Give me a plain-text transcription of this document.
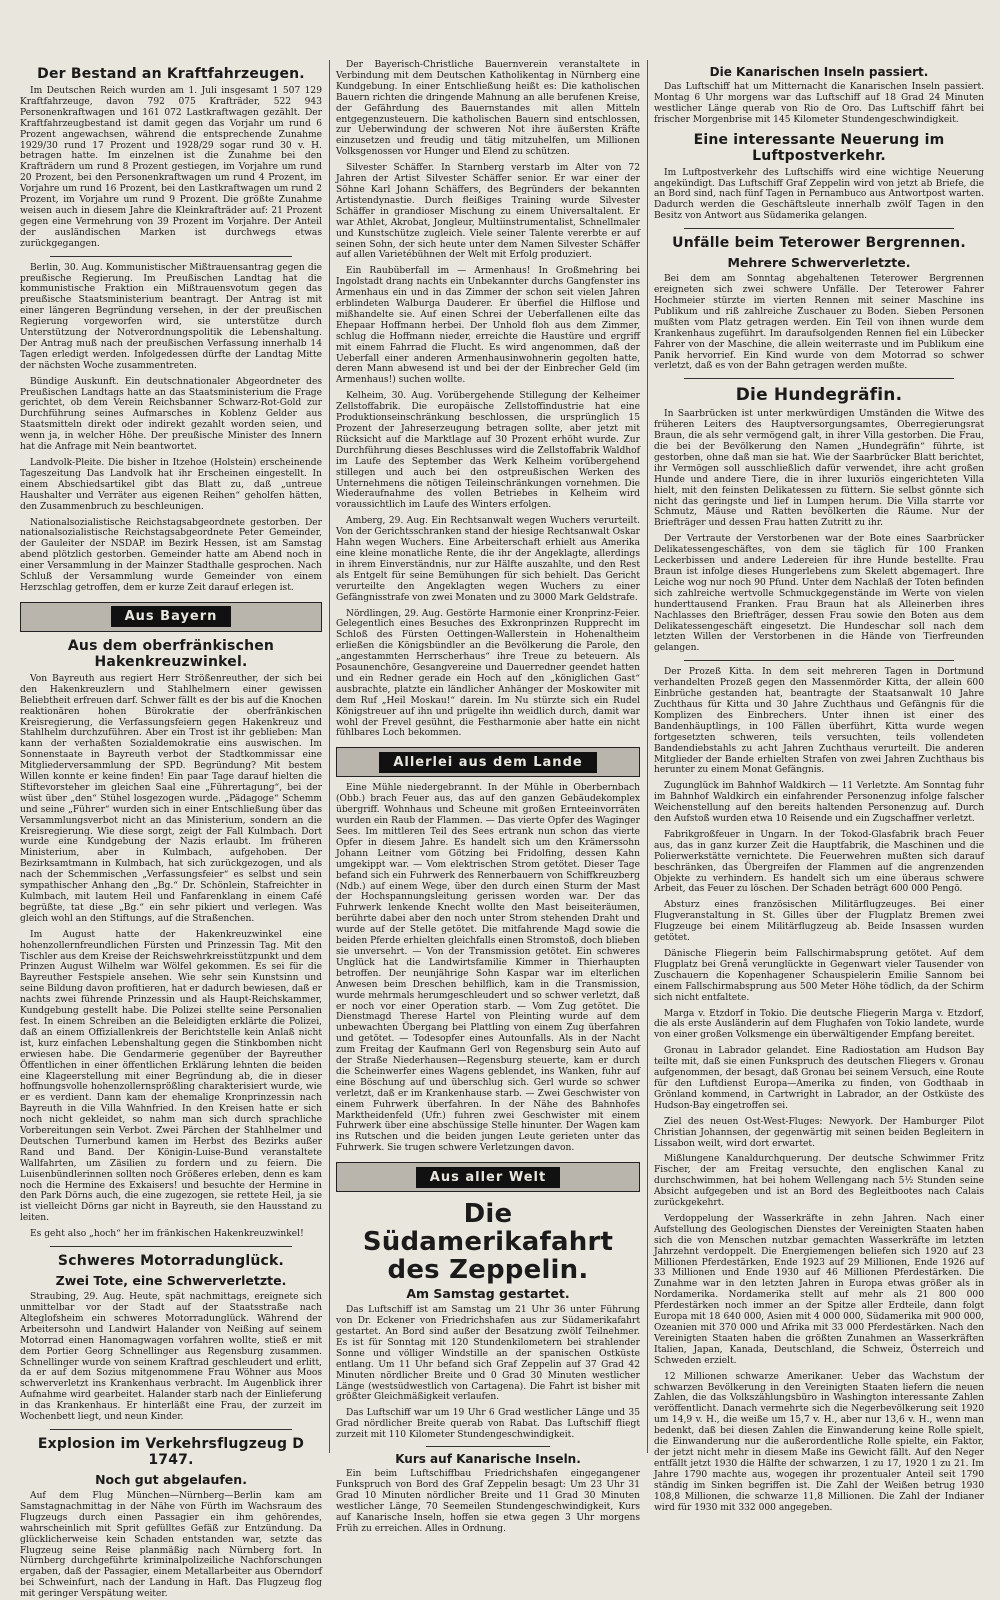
Der Bestand an Kraftfahrzeugen.

Im Deutschen Reich wurden am 1. Juli insgesamt 1 507 129 Kraftfahrzeuge, davon 792 075 Krafträder, 522 943 Personenkraftwagen und 161 072 Lastkraftwagen gezählt. Der Kraftfahrzeugbestand ist damit gegen das Vorjahr um rund 6 Prozent angewachsen, während die entsprechende Zunahme 1929/30 rund 17 Prozent und 1928/29 sogar rund 30 v. H. betragen hatte. Im einzelnen ist die Zunahme bei den Krafträdern um rund 8 Prozent gestiegen, im Vorjahre um rund 20 Prozent, bei den Personenkraftwagen um rund 4 Prozent, im Vorjahre um rund 16 Prozent, bei den Lastkraftwagen um rund 2 Prozent, im Vorjahre um rund 9 Prozent. Die größte Zunahme weisen auch in diesem Jahre die Kleinkrafträder auf: 21 Prozent gegen eine Vermehrung von 39 Prozent im Vorjahre. Der Anteil der ausländischen Marken ist durchwegs etwas zurückgegangen.

Berlin, 30. Aug. Kommunistischer Mißtrauensantrag gegen die preußische Regierung. Im Preußischen Landtag hat die kommunistische Fraktion ein Mißtrauensvotum gegen das preußische Staatsministerium beantragt. Der Antrag ist mit einer längeren Begründung versehen, in der der preußischen Regierung vorgeworfen wird, sie unterstütze durch Unterstützung der Notverordnungspolitik die Lebenshaltung. Der Antrag muß nach der preußischen Verfassung innerhalb 14 Tagen erledigt werden. Infolgedessen dürfte der Landtag Mitte der nächsten Woche zusammentreten.

Bündige Auskunft. Ein deutschnationaler Abgeordneter des Preußischen Landtags hatte an das Staatsministerium die Frage gerichtet, ob dem Verein Reichsbanner Schwarz-Rot-Gold zur Durchführung seines Aufmarsches in Koblenz Gelder aus Staatsmitteln direkt oder indirekt gezahlt worden seien, und wenn ja, in welcher Höhe. Der preußische Minister des Innern hat die Anfrage mit Nein beantwortet.

Landvolk-Pleite. Die bisher in Itzehoe (Holstein) erscheinende Tageszeitung Das Landvolk hat ihr Erscheinen eingestellt. In einem Abschiedsartikel gibt das Blatt zu, daß „untreue Haushalter und Verräter aus eigenen Reihen“ geholfen hätten, den Zusammenbruch zu beschleunigen.

Nationalsozialistische Reichstagsabgeordnete gestorben. Der nationalsozialistische Reichstagsabgeordnete Peter Gemeinder, der Gauleiter der NSDAP. im Bezirk Hessen, ist am Samstag abend plötzlich gestorben. Gemeinder hatte am Abend noch in einer Versammlung in der Mainzer Stadthalle gesprochen. Nach Schluß der Versammlung wurde Gemeinder von einem Herzschlag getroffen, dem er kurze Zeit darauf erlegen ist.

Aus Bayern
Aus dem oberfränkischen Hakenkreuzwinkel.

Von Bayreuth aus regiert Herr Strößenreuther, der sich bei den Hakenkreuzlern und Stahlhelmern einer gewissen Beliebtheit erfreuen darf. Schwer fällt es der bis auf die Knochen reaktionären hohen Bürokratie der oberfränkischen Kreisregierung, die Verfassungsfeiern gegen Hakenkreuz und Stahlhelm durchzuführen. Aber ein Trost ist ihr geblieben: Man kann der verhaßten Sozialdemokratie eins auswischen. Im Sonnenstaate in Bayreuth verbot der Stadtkommissar eine Mitgliederversammlung der SPD. Begründung? Mit bestem Willen konnte er keine finden! Ein paar Tage darauf hielten die Stiftevorsteher im gleichen Saal eine „Führertagung“, bei der wüst über „den“ Stühel losgezogen wurde. „Pädagoge“ Schemm und seine „Führer“ wurden sich in einer Entschließung über das Versammlungsverbot nicht an das Ministerium, sondern an die Kreisregierung. Wie diese sorgt, zeigt der Fall Kulmbach. Dort wurde eine Kundgebung der Nazis erlaubt. Im früheren Ministerium, aber in Kulmbach, aufgehoben. Der Bezirksamtmann in Kulmbach, hat sich zurückgezogen, und als nach der Schemmischen „Verfassungsfeier“ es selbst und sein sympathischer Anhang den „Bg.“ Dr. Schönlein, Stafreichter in Kulmbach, mit lautem Heil und Fanfarenklang in einem Café begrüßte, tat diese „Bg.“ ein sehr pikiert und verlegen. Was gleich wohl an den Stiftungs, auf die Straßenchen.

Im August hatte der Hakenkreuzwinkel eine hohenzollernfreundlichen Fürsten und Prinzessin Tag. Mit den Tischler aus dem Kreise der Reichswehrkreisstützpunkt und dem Prinzen August Wilhelm war Wölfel gekommen. Es sei für die Bayreuther Festspiele ansehen. Wie sehr sein Kunstsinn und seine Bildung davon profitieren, hat er dadurch bewiesen, daß er nachts zwei führende Prinzessin und als Haupt-Reichskammer, Kundgebung gestellt habe. Die Polizei stellte seine Personalien fest. In einem Schreiben an die Beleidigten erklärte die Polizei, daß an einem Offiziallenkreis der Berichtstelle kein Anlaß nicht ist, kurz einfachen Lebenshaltung gegen die Stinkbomben nicht erwiesen habe. Die Gendarmerie gegenüber der Bayreuther Öffentlichen in einer öffentlichen Erklärung lehnten die beiden eine Klageerstellung mit einer Begründung ab, die in dieser hoffnungsvolle hohenzollernsprößling charakterisiert wurde, wie er es verdient. Dann kam der ehemalige Kronprinzessin nach Bayreuth in die Villa Wahnfried. In den Kreisen hatte er sich noch nicht gekleidet, so nahm man sich durch sprachliche Vorbereitungen sein Verbot. Zwei Pärchen der Stahlhelmer und Deutschen Turnerbund kamen im Herbst des Bezirks außer Rand und Band. Der Königin-Luise-Bund veranstaltete Wallfahrten, um Zäsilien zu fordern und zu feiern. Die Luisenbündlerinnen sollten noch Größeres erleben, denn es kam noch die Hermine des Exkaisers! und besuchte der Hermine in den Park Dörns auch, die eine zugezogen, sie rettete Heil, ja sie ist vielleicht Dörns gar nicht in Bayreuth, sie den Hausstand zu leiten.

Es geht also „hoch“ her im fränkischen Hakenkreuzwinkel!

Schweres Motorradunglück.
Zwei Tote, eine Schwerverletzte.

Straubing, 29. Aug. Heute, spät nachmittags, ereignete sich unmittelbar vor der Stadt auf der Staatsstraße nach Alteglofsheim ein schweres Motorradunglück. Während der Arbeitersohn und Landwirt Halander von Neißing auf seinem Motorrad einen Hanomagwagen vorfahren wollte, stieß er mit dem Portier Georg Schnellinger aus Regensburg zusammen. Schnellinger wurde von seinem Kraftrad geschleudert und erlitt, da er auf dem Sozius mitgenommene Frau Wöhner aus Moos schwerverletzt ins Krankenhaus verbracht. Im Augenblick ihrer Aufnahme wird gearbeitet. Halander starb nach der Einlieferung in das Krankenhaus. Er hinterläßt eine Frau, der zurzeit im Wochenbett liegt, und neun Kinder.

Explosion im Verkehrsflugzeug D 1747.
Noch gut abgelaufen.

Auf dem Flug München—Nürnberg—Berlin kam am Samstagnachmittag in der Nähe von Fürth im Wachsraum des Flugzeugs durch einen Passagier ein ihm gehörendes, wahrscheinlich mit Sprit gefülltes Gefäß zur Entzündung. Da glücklicherweise kein Schaden entstanden war, setzte das Flugzeug seine Reise planmäßig nach Nürnberg fort. In Nürnberg durchgeführte kriminalpolizeiliche Nachforschungen ergaben, daß der Passagier, einem Metallarbeiter aus Oberndorf bei Schweinfurt, nach der Landung in Haft. Das Flugzeug flog mit geringer Verspätung weiter.

Der Bayerisch-Christliche Bauernverein veranstaltete in Verbindung mit dem Deutschen Katholikentag in Nürnberg eine Kundgebung. In einer Entschließung heißt es: Die katholischen Bauern richten die dringende Mahnung an alle berufenen Kreise, der Gefährdung des Bauernstandes mit allen Mitteln entgegenzusteuern. Die katholischen Bauern sind entschlossen, zur Ueberwindung der schweren Not ihre äußersten Kräfte einzusetzen und freudig und tätig mitzuhelfen, um Millionen Volksgenossen vor Hunger und Elend zu schützen.

Silvester Schäffer. In Starnberg verstarb im Alter von 72 Jahren der Artist Silvester Schäffer senior. Er war einer der Söhne Karl Johann Schäffers, des Begründers der bekannten Artistendynastie. Durch fleißiges Training wurde Silvester Schäffer in grandioser Mischung zu einem Universaltalent. Er war Athlet, Akrobat, Jongleur, Multiinstrumentalist, Schnellmaler und Kunstschütze zugleich. Viele seiner Talente vererbte er auf seinen Sohn, der sich heute unter dem Namen Silvester Schäffer auf allen Varietébühnen der Welt mit Erfolg produziert.

Ein Raubüberfall im — Armenhaus! In Großmehring bei Ingolstadt drang nachts ein Unbekannter durchs Gangfenster ins Armenhaus ein und in das Zimmer der schon seit vielen Jahren erblindeten Walburga Dauderer. Er überfiel die Hilflose und mißhandelte sie. Auf einen Schrei der Ueberfallenen eilte das Ehepaar Hoffmann herbei. Der Unhold floh aus dem Zimmer, schlug die Hoffmann nieder, erreichte die Haustüre und ergriff mit einem Fahrrad die Flucht. Es wird angenommen, daß der Ueberfall einer anderen Armenhausinwohnerin gegolten hatte, deren Mann abwesend ist und bei der der Einbrecher Geld (im Armenhaus!) suchen wollte.

Kelheim, 30. Aug. Vorübergehende Stillegung der Kelheimer Zellstoffabrik. Die europäische Zellstoffindustrie hat eine Produktionseinschränkung beschlossen, die ursprünglich 15 Prozent der Jahreserzeugung betragen sollte, aber jetzt mit Rücksicht auf die Marktlage auf 30 Prozent erhöht wurde. Zur Durchführung dieses Beschlusses wird die Zellstoffabrik Waldhof im Laufe des September das Werk Kelheim vorübergehend stillegen und auch bei den ostpreußischen Werken des Unternehmens die nötigen Teileinschränkungen vornehmen. Die Wiederaufnahme des vollen Betriebes in Kelheim wird voraussichtlich im Laufe des Winters erfolgen.

Amberg, 29. Aug. Ein Rechtsanwalt wegen Wuchers verurteilt. Von der Gerichtsschranken stand der hiesige Rechtsanwalt Oskar Hahn wegen Wuchers. Eine Arbeiterschaft erhielt aus Amerika eine kleine monatliche Rente, die ihr der Angeklagte, allerdings in ihrem Einverständnis, nur zur Hälfte auszahlte, und den Rest als Entgelt für seine Bemühungen für sich behielt. Das Gericht verurteilte den Angeklagten wegen Wuchers zu einer Gefängnisstrafe von zwei Monaten und zu 3000 Mark Geldstrafe.

Nördlingen, 29. Aug. Gestörte Harmonie einer Kronprinz-Feier. Gelegentlich eines Besuches des Exkronprinzen Rupprecht im Schloß des Fürsten Oettingen-Wallerstein in Hohenaltheim erließen die Königsbündler an die Bevölkerung die Parole, den „angestammten Herrscherhaus“ ihre Treue zu beteuern. Als Posaunenchöre, Gesangvereine und Dauerredner geendet hatten und ein Redner gerade ein Hoch auf den „königlichen Gast“ ausbrachte, platzte ein ländlicher Anhänger der Moskowiter mit dem Ruf „Heil Moskau!“ darein. Im Nu stürzte sich ein Rudel Königstreuer auf ihn und prügelte ihn weidlich durch, damit war wohl der Frevel gesühnt, die Festharmonie aber hatte ein nicht fühlbares Loch bekommen.

Allerlei aus dem Lande

Eine Mühle niedergebrannt. In der Mühle in Oberbernbach (Obb.) brach Feuer aus, das auf den ganzen Gebäudekomplex übergriff. Wohnhaus und Scheune mit großen Ernteeinvorräten wurden ein Raub der Flammen. — Das vierte Opfer des Waginger Sees. Im mittleren Teil des Sees ertrank nun schon das vierte Opfer in diesem Jahre. Es handelt sich um den Krämerssohn Johann Leitner vom Götzing bei Fridolfing, dessen Kahn umgekippt war. — Vom elektrischen Strom getötet. Dieser Tage befand sich ein Fuhrwerk des Rennerbauern von Schiffkreuzberg (Ndb.) auf einem Wege, über den durch einen Sturm der Mast der Hochspannungsleitung gerissen worden war. Der das Fuhrwerk lenkende Knecht wollte den Mast beiseiteräumen, berührte dabei aber den noch unter Strom stehenden Draht und wurde auf der Stelle getötet. Die mitfahrende Magd sowie die beiden Pferde erhielten gleichfalls einen Stromstoß, doch blieben sie unversehrt. — Von der Transmission getötet. Ein schweres Unglück hat die Landwirtsfamilie Kimmer in Thierhaupten betroffen. Der neunjährige Sohn Kaspar war im elterlichen Anwesen beim Dreschen behilflich, kam in die Transmission, wurde mehrmals herumgeschleudert und so schwer verletzt, daß er noch vor einer Operation starb. — Vom Zug getötet. Die Dienstmagd Therese Hartel von Pleinting wurde auf dem unbewachten Übergang bei Plattling von einem Zug überfahren und getötet. — Todesopfer eines Autounfalls. Als in der Nacht zum Freitag der Kaufmann Gerl von Regensburg sein Auto auf der Straße Niederhausen—Regensburg steuerte, kam er durch die Scheinwerfer eines Wagens geblendet, ins Wanken, fuhr auf eine Böschung auf und überschlug sich. Gerl wurde so schwer verletzt, daß er im Krankenhause starb. — Zwei Geschwister von einem Fuhrwerk überfahren. In der Nähe des Bahnhofes Marktheidenfeld (Ufr.) fuhren zwei Geschwister mit einem Fuhrwerk über eine abschüssige Stelle hinunter. Der Wagen kam ins Rutschen und die beiden jungen Leute gerieten unter das Fuhrwerk. Sie trugen schwere Verletzungen davon.

Aus aller Welt
Die Südamerikafahrt des Zeppelin.
Am Samstag gestartet.

Das Luftschiff ist am Samstag um 21 Uhr 36 unter Führung von Dr. Eckener von Friedrichshafen aus zur Südamerikafahrt gestartet. An Bord sind außer der Besatzung zwölf Teilnehmer. Es ist für Sonntag mit 120 Stundenkilometern bei strahlender Sonne und völliger Windstille an der spanischen Ostküste entlang. Um 11 Uhr befand sich Graf Zeppelin auf 37 Grad 42 Minuten nördlicher Breite und 0 Grad 30 Minuten westlicher Länge (westsüdwestlich von Cartagena). Die Fahrt ist bisher mit größter Gleichmäßigkeit verlaufen.

Das Luftschiff war um 19 Uhr 6 Grad westlicher Länge und 35 Grad nördlicher Breite querab von Rabat. Das Luftschiff fliegt zurzeit mit 110 Kilometer Stundengeschwindigkeit.

Kurs auf Kanarische Inseln.

Ein beim Luftschiffbau Friedrichshafen eingegangener Funkspruch von Bord des Graf Zeppelin besagt: Um 23 Uhr 31 Grad 10 Minuten nördlicher Breite und 11 Grad 30 Minuten westlicher Länge, 70 Seemeilen Stundengeschwindigkeit, Kurs auf Kanarische Inseln, hoffen sie etwa gegen 3 Uhr morgens Früh zu erreichen. Alles in Ordnung.

Die Kanarischen Inseln passiert.

Das Luftschiff hat um Mitternacht die Kanarischen Inseln passiert. Montag 6 Uhr morgens war das Luftschiff auf 18 Grad 24 Minuten westlicher Länge querab von Rio de Oro. Das Luftschiff fährt bei frischer Morgenbrise mit 145 Kilometer Stundengeschwindigkeit.

Eine interessante Neuerung im Luftpostverkehr.

Im Luftpostverkehr des Luftschiffs wird eine wichtige Neuerung angekündigt. Das Luftschiff Graf Zeppelin wird von jetzt ab Briefe, die an Bord sind, nach fünf Tagen in Pernambuco aus Antwortpost warten. Dadurch werden die Geschäftsleute innerhalb zwölf Tagen in den Besitz von Antwort aus Südamerika gelangen.

Unfälle beim Teterower Bergrennen.
Mehrere Schwerverletzte.

Bei dem am Sonntag abgehaltenen Teterower Bergrennen ereigneten sich zwei schwere Unfälle. Der Teterower Fahrer Hochmeier stürzte im vierten Rennen mit seiner Maschine ins Publikum und riß zahlreiche Zuschauer zu Boden. Sieben Personen mußten vom Platz getragen werden. Ein Teil von ihnen wurde dem Krankenhaus zugeführt. Im daraufsolgenden Rennen fiel ein Lübecker Fahrer von der Maschine, die allein weiterraste und im Publikum eine Panik hervorrief. Ein Kind wurde von dem Motorrad so schwer verletzt, daß es von der Bahn getragen werden mußte.

Die Hundegräfin.

In Saarbrücken ist unter merkwürdigen Umständen die Witwe des früheren Leiters des Hauptversorgungsamtes, Oberregierungsrat Braun, die als sehr vermögend galt, in ihrer Villa gestorben. Die Frau, die bei der Bevölkerung den Namen „Hundegräfin“ führte, ist gestorben, ohne daß man sie hat. Wie der Saarbrücker Blatt berichtet, ihr Vermögen soll ausschließlich dafür verwendet, ihre acht großen Hunde und andere Tiere, die in ihrer luxuriös eingerichteten Villa hielt, mit den feinsten Delikatessen zu füttern. Sie selbst gönnte sich nicht das geringste und lief in Lumpen herum. Die Villa starrte vor Schmutz, Mäuse und Ratten bevölkerten die Räume. Nur der Briefträger und dessen Frau hatten Zutritt zu ihr.

Der Vertraute der Verstorbenen war der Bote eines Saarbrücker Delikatessengeschäftes, von dem sie täglich für 100 Franken Leckerbissen und andere Ledereien für ihre Hunde bestellte. Frau Braun ist infolge dieses Hungerlebens zum Skelett abgemagert. Ihre Leiche wog nur noch 90 Pfund. Unter dem Nachlaß der Toten befinden sich zahlreiche wertvolle Schmuckgegenstände im Werte von vielen hunderttausend Franken. Frau Braun hat als Alleinerben ihres Nachlasses den Briefträger, dessen Frau sowie den Boten aus dem Delikatessengeschäft eingesetzt. Die Hundeschar soll nach dem letzten Willen der Verstorbenen in die Hände von Tierfreunden gelangen.

Der Prozeß Kitta. In dem seit mehreren Tagen in Dortmund verhandelten Prozeß gegen den Massenmörder Kitta, der allein 600 Einbrüche gestanden hat, beantragte der Staatsanwalt 10 Jahre Zuchthaus für Kitta und 30 Jahre Zuchthaus und Gefängnis für die Komplizen des Einbrechers. Unter ihnen ist einer des Bandenhäuptlings, in 100 Fällen überführt, Kitta wurde wegen fortgesetzten schweren, teils versuchten, teils vollendeten Bandendiebstahls zu acht Jahren Zuchthaus verurteilt. Die anderen Mitglieder der Bande erhielten Strafen von zwei Jahren Zuchthaus bis herunter zu einem Monat Gefängnis.

Zugunglück im Bahnhof Waldkirch — 11 Verletzte. Am Sonntag fuhr im Bahnhof Waldkirch ein einfahrender Personenzug infolge falscher Weichenstellung auf den bereits haltenden Personenzug auf. Durch den Aufstoß wurden etwa 10 Reisende und ein Zugschaffner verletzt.

Fabrikgroßfeuer in Ungarn. In der Tokod-Glasfabrik brach Feuer aus, das in ganz kurzer Zeit die Hauptfabrik, die Maschinen und die Polierwerkstätte vernichtete. Die Feuerwehren mußten sich darauf beschränken, das Übergreifen der Flammen auf die angrenzenden Objekte zu verhindern. Es handelt sich um eine überaus schwere Arbeit, das Feuer zu löschen. Der Schaden beträgt 600 000 Pengö.

Absturz eines französischen Militärflugzeuges. Bei einer Flugveranstaltung in St. Gilles über der Flugplatz Bremen zwei Flugzeuge bei einem Militärflugzeug ab. Beide Insassen wurden getötet.

Dänische Fliegerin beim Fallschirmabsprung getötet. Auf dem Flugplatz bei Grenå verunglückte in Gegenwart vieler Tausender von Zuschauern die Kopenhagener Schauspielerin Emilie Sannom bei einem Fallschirmabsprung aus 500 Meter Höhe tödlich, da der Schirm sich nicht entfaltete.

Marga v. Etzdorf in Tokio. Die deutsche Fliegerin Marga v. Etzdorf, die als erste Ausländerin auf dem Flughafen von Tokio landete, wurde von einer großen Volksmenge ein überwältigender Empfang bereitet.

Gronau in Labrador gelandet. Eine Radiostation am Hudson Bay teilte mit, daß sie einen Funkspruch des deutschen Fliegers v. Gronau aufgenommen, der besagt, daß Gronau bei seinem Versuch, eine Route für den Luftdienst Europa—Amerika zu finden, von Godthaab in Grönland kommend, in Cartwright in Labrador, an der Ostküste des Hudson-Bay eingetroffen sei.

Ziel des neuen Ost-West-Fluges: Newyork. Der Hamburger Pilot Christian Johannsen, der gegenwärtig mit seinen beiden Begleitern in Lissabon weilt, wird dort erwartet.

Mißlungene Kanaldurchquerung. Der deutsche Schwimmer Fritz Fischer, der am Freitag versuchte, den englischen Kanal zu durchschwimmen, hat bei hohem Wellengang nach 5½ Stunden seine Absicht aufgegeben und ist an Bord des Begleitbootes nach Calais zurückgekehrt.

Verdoppelung der Wasserkräfte in zehn Jahren. Nach einer Aufstellung des Geologischen Dienstes der Vereinigten Staaten haben sich die von Menschen nutzbar gemachten Wasserkräfte im letzten Jahrzehnt verdoppelt. Die Energiemengen beliefen sich 1920 auf 23 Millionen Pferdestärken, Ende 1923 auf 29 Millionen, Ende 1926 auf 33 Millionen und Ende 1930 auf 46 Millionen Pferdestärken. Die Zunahme war in den letzten Jahren in Europa etwas größer als in Nordamerika. Nordamerika stellt auf mehr als 21 800 000 Pferdestärken noch immer an der Spitze aller Erdteile, dann folgt Europa mit 18 640 000, Asien mit 4 000 000, Südamerika mit 900 000, Ozeanien mit 370 000 und Afrika mit 33 000 Pferdestärken. Nach den Vereinigten Staaten haben die größten Zunahmen an Wasserkräften Italien, Japan, Kanada, Deutschland, die Schweiz, Österreich und Schweden erzielt.

12 Millionen schwarze Amerikaner. Ueber das Wachstum der schwarzen Bevölkerung in den Vereinigten Staaten liefern die neuen Zahlen, die das Volkszählungsbüro in Washington interessante Zahlen veröffentlicht. Danach vermehrte sich die Negerbevölkerung seit 1920 um 14,9 v. H., die weiße um 15,7 v. H., aber nur 13,6 v. H., wenn man bedenkt, daß bei diesen Zahlen die Einwanderung keine Rolle spielt, die Einwanderung nur die außerordentliche Rolle spielte, ein Faktor, der jetzt nicht mehr in diesem Maße ins Gewicht fällt. Auf den Neger entfällt jetzt 1930 die Hälfte der schwarzen, 1 zu 17, 1920 1 zu 21. Im Jahre 1790 machte aus, wogegen ihr prozentualer Anteil seit 1790 ständig im Sinken begriffen ist. Die Zahl der Weißen betrug 1930 108,8 Millionen, die schwarze 11,8 Millionen. Die Zahl der Indianer wird für 1930 mit 332 000 angegeben.
